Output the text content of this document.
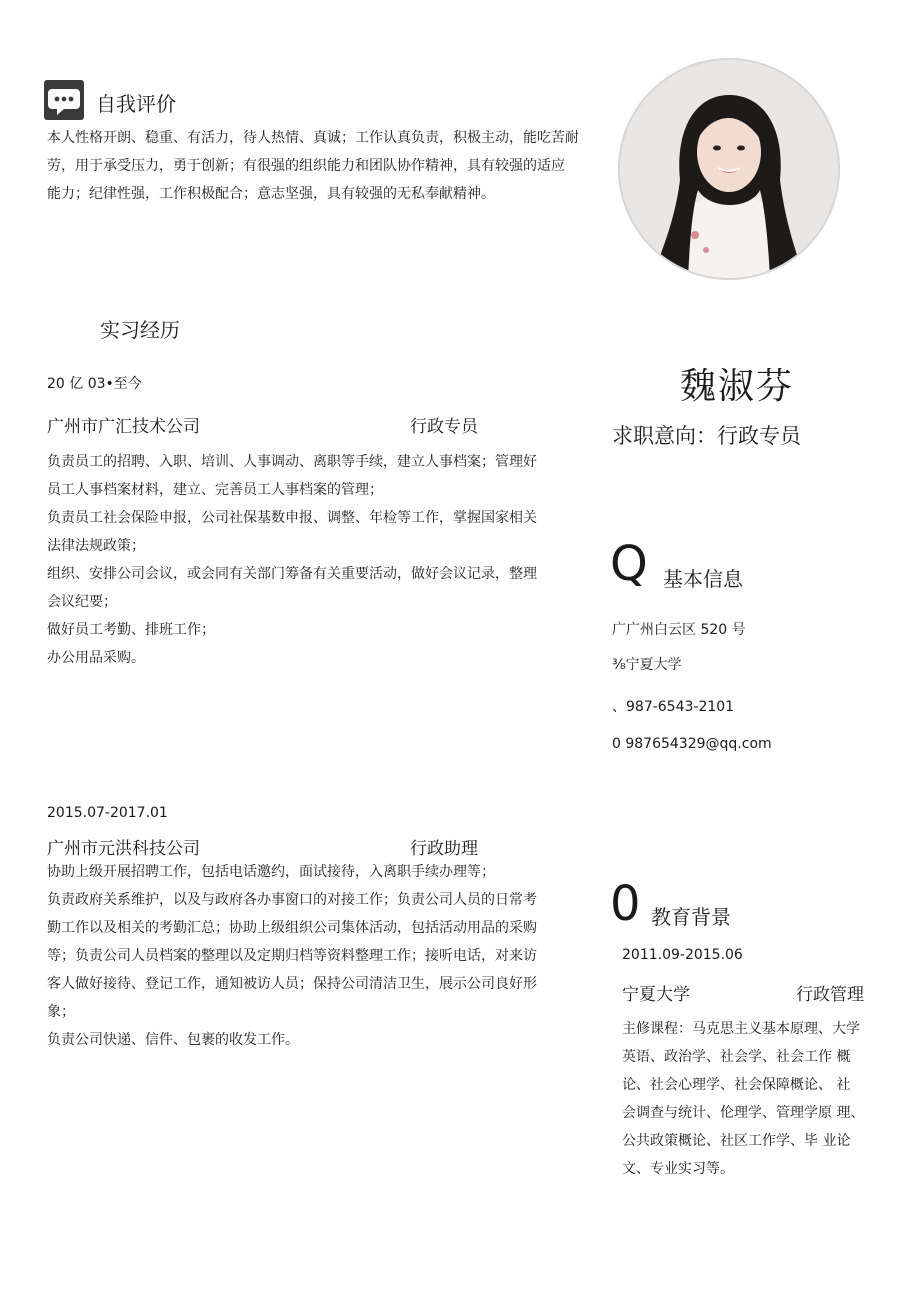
自我评价
本人性格开朗、稳重、有活力，待人热情、真诚；工作认真负责，积极主动，能吃苦耐
劳，用于承受压力，勇于创新；有很强的组织能力和团队协作精神，具有较强的适应
能力；纪律性强，工作积极配合；意志坚强，具有较强的无私奉献精神。
实习经历
20 亿 03•至今
广州市广汇技术公司	行政专员
负责员工的招聘、入职、培训、人事调动、离职等手续，建立人事档案；管理好
员工人事档案材料，建立、完善员工人事档案的管理；
负责员工社会保险申报，公司社保基数申报、调整、年检等工作，掌握国家相关
法律法规政策；
组织、安排公司会议，或会同有关部门筹备有关重要活动，做好会议记录，整理
会议纪要；
做好员工考勤、排班工作；
办公用品采购。
2015.07-2017.01
广州市元洪科技公司	行政助理
协助上级开展招聘工作，包括电话邀约，面试接待，入离职手续办理等；
负责政府关系维护，以及与政府各办事窗口的对接工作；负责公司人员的日常考
勤工作以及相关的考勤汇总；协助上级组织公司集体活动，包括活动用品的采购
等；负责公司人员档案的整理以及定期归档等资料整理工作；接听电话，对来访
客人做好接待、登记工作，通知被访人员；保持公司清洁卫生，展示公司良好形
象；
负责公司快递、信件、包裹的收发工作。
魏淑芬
求职意向：行政专员
Q 基本信息
广广州白云区 520 号
⅜宁夏大学
、987-6543-2101
0 987654329@qq.com
0 教育背景
2011.09-2015.06
宁夏大学	行政管理
主修课程：马克思主义基本原理、大学
英语、政治学、社会学、社会工作 概
论、社会心理学、社会保障概论、 社
会调查与统计、伦理学、管理学原 理、
公共政策概论、社区工作学、毕 业论
文、专业实习等。
